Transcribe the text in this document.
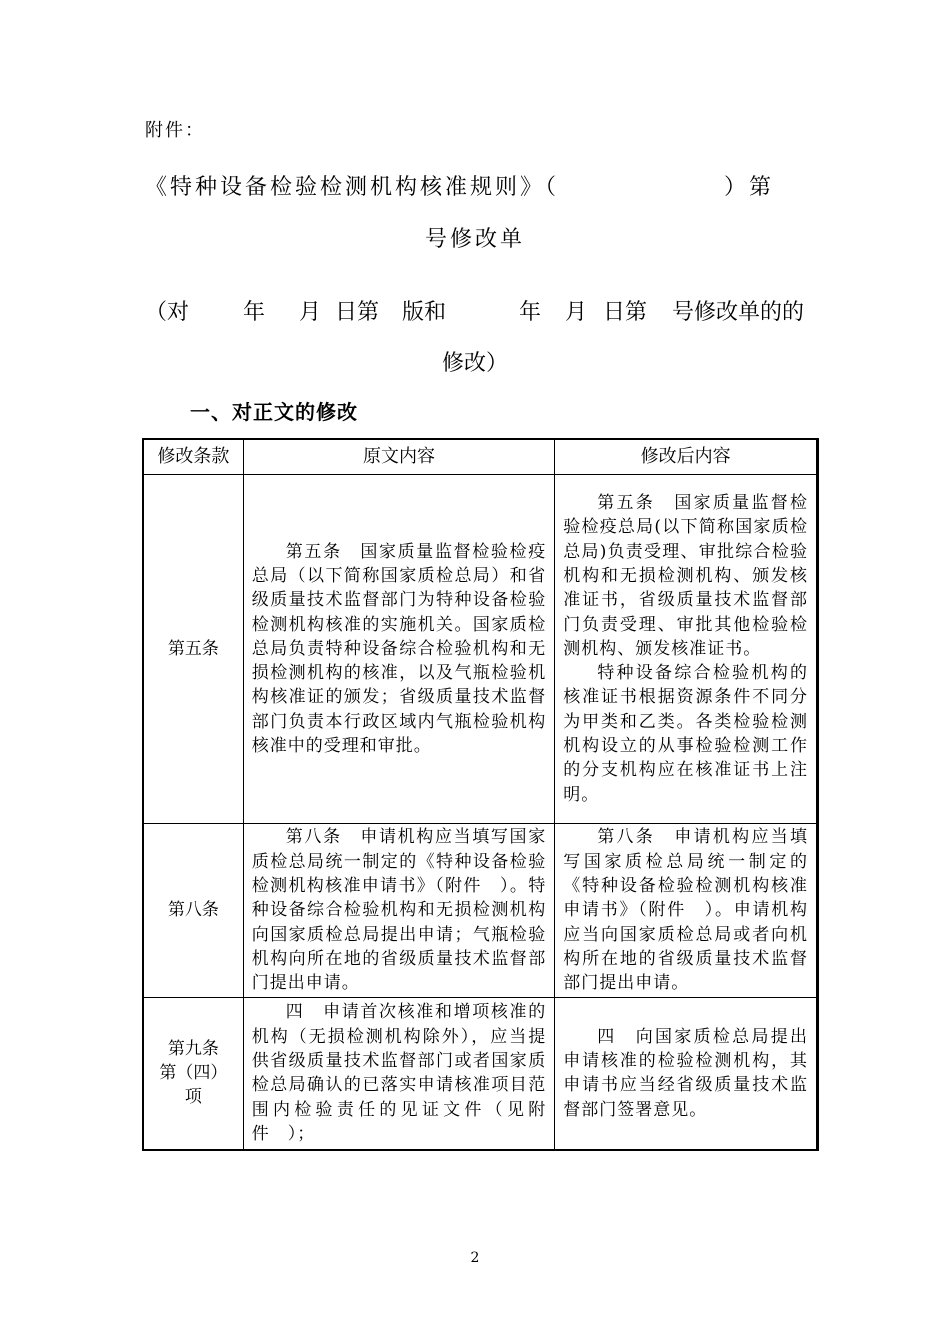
附件：
《特种设备检验检测机构核准规则》（	）第
号修改单
（对 年 月 日第 版和	年 月 日第 号修改单的的
修改）
一、对正文的修改
修改条款	原文内容	修改后内容
第五条	第五条　国家质量监督检验检疫总局（以下简称国家质检总局）和省级质量技术监督部门为特种设备检验检测机构核准的实施机关。国家质检总局负责特种设备综合检验机构和无损检测机构的核准，以及气瓶检验机构核准证的颁发；省级质量技术监督部门负责本行政区域内气瓶检验机构核准中的受理和审批。	第五条　国家质量监督检验检疫总局(以下简称国家质检总局)负责受理、审批综合检验机构和无损检测机构、颁发核准证书，省级质量技术监督部门负责受理、审批其他检验检测机构、颁发核准证书。

特种设备综合检验机构的核准证书根据资源条件不同分为甲类和乙类。各类检验检测机构设立的从事检验检测工作的分支机构应在核准证书上注明。

第八条	第八条　申请机构应当填写国家质检总局统一制定的《特种设备检验检测机构核准申请书》（附件　）。特种设备综合检验机构和无损检测机构向国家质检总局提出申请；气瓶检验机构向所在地的省级质量技术监督部门提出申请。	第八条　申请机构应当填写国家质检总局统一制定的《特种设备检验检测机构核准申请书》（附件　）。申请机构应当向国家质检总局或者向机构所在地的省级质量技术监督部门提出申请。

第九条
第（四）
项	四　申请首次核准和增项核准的机构（无损检测机构除外），应当提供省级质量技术监督部门或者国家质检总局确认的已落实申请核准项目范围内检验责任的见证文件（见附件　）；	四　向国家质检总局提出申请核准的检验检测机构，其申请书应当经省级质量技术监督部门签署意见。

2
